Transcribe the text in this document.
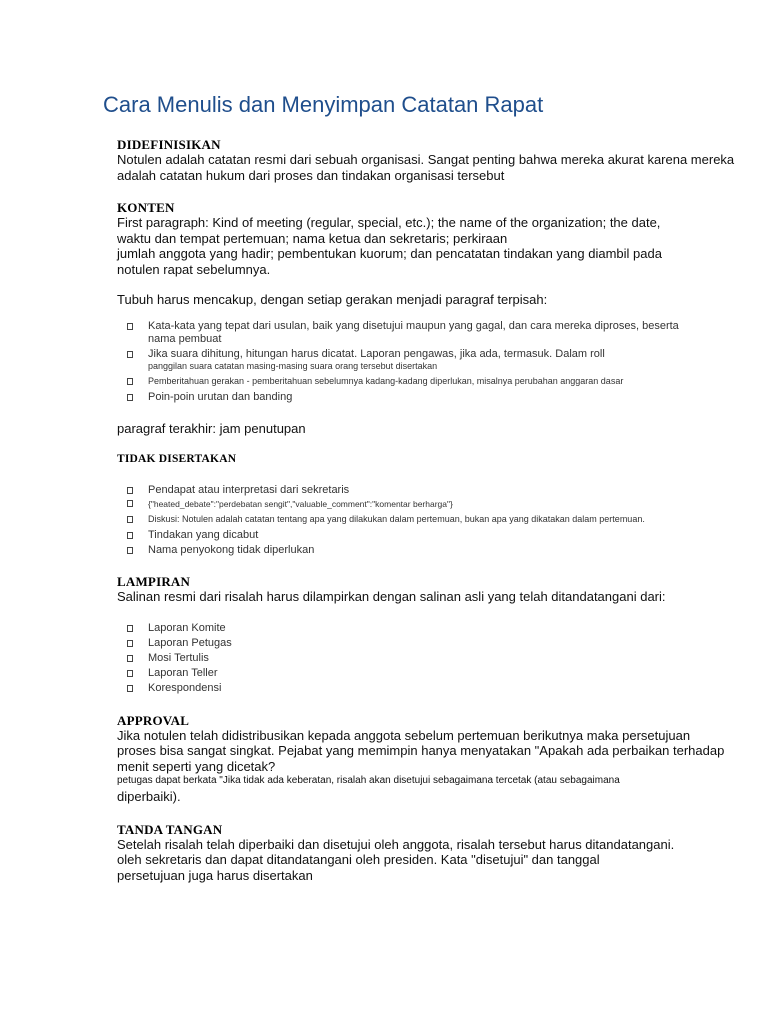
Cara Menulis dan Menyimpan Catatan Rapat
DIDEFINISIKAN
Notulen adalah catatan resmi dari sebuah organisasi. Sangat penting bahwa mereka akurat karena mereka
adalah catatan hukum dari proses dan tindakan organisasi tersebut
KONTEN
First paragraph: Kind of meeting (regular, special, etc.); the name of the organization; the date,
waktu dan tempat pertemuan; nama ketua dan sekretaris; perkiraan
jumlah anggota yang hadir; pembentukan kuorum; dan pencatatan tindakan yang diambil pada
notulen rapat sebelumnya.
Tubuh harus mencakup, dengan setiap gerakan menjadi paragraf terpisah:
Kata-kata yang tepat dari usulan, baik yang disetujui maupun yang gagal, dan cara mereka diproses, beserta
nama pembuat
Jika suara dihitung, hitungan harus dicatat. Laporan pengawas, jika ada, termasuk. Dalam roll
panggilan suara catatan masing-masing suara orang tersebut disertakan
Pemberitahuan gerakan - pemberitahuan sebelumnya kadang-kadang diperlukan, misalnya perubahan anggaran dasar
Poin-poin urutan dan banding
paragraf terakhir: jam penutupan
TIDAK DISERTAKAN
Pendapat atau interpretasi dari sekretaris
{"heated_debate":"perdebatan sengit","valuable_comment":"komentar berharga"}
Diskusi: Notulen adalah catatan tentang apa yang dilakukan dalam pertemuan, bukan apa yang dikatakan dalam pertemuan.
Tindakan yang dicabut
Nama penyokong tidak diperlukan
LAMPIRAN
Salinan resmi dari risalah harus dilampirkan dengan salinan asli yang telah ditandatangani dari:
Laporan Komite
Laporan Petugas
Mosi Tertulis
Laporan Teller
Korespondensi
APPROVAL
Jika notulen telah didistribusikan kepada anggota sebelum pertemuan berikutnya maka persetujuan
proses bisa sangat singkat. Pejabat yang memimpin hanya menyatakan "Apakah ada perbaikan terhadap
menit seperti yang dicetak?
petugas dapat berkata "Jika tidak ada keberatan, risalah akan disetujui sebagaimana tercetak (atau sebagaimana
diperbaiki).
TANDA TANGAN
Setelah risalah telah diperbaiki dan disetujui oleh anggota, risalah tersebut harus ditandatangani.
oleh sekretaris dan dapat ditandatangani oleh presiden. Kata "disetujui" dan tanggal
persetujuan juga harus disertakan
